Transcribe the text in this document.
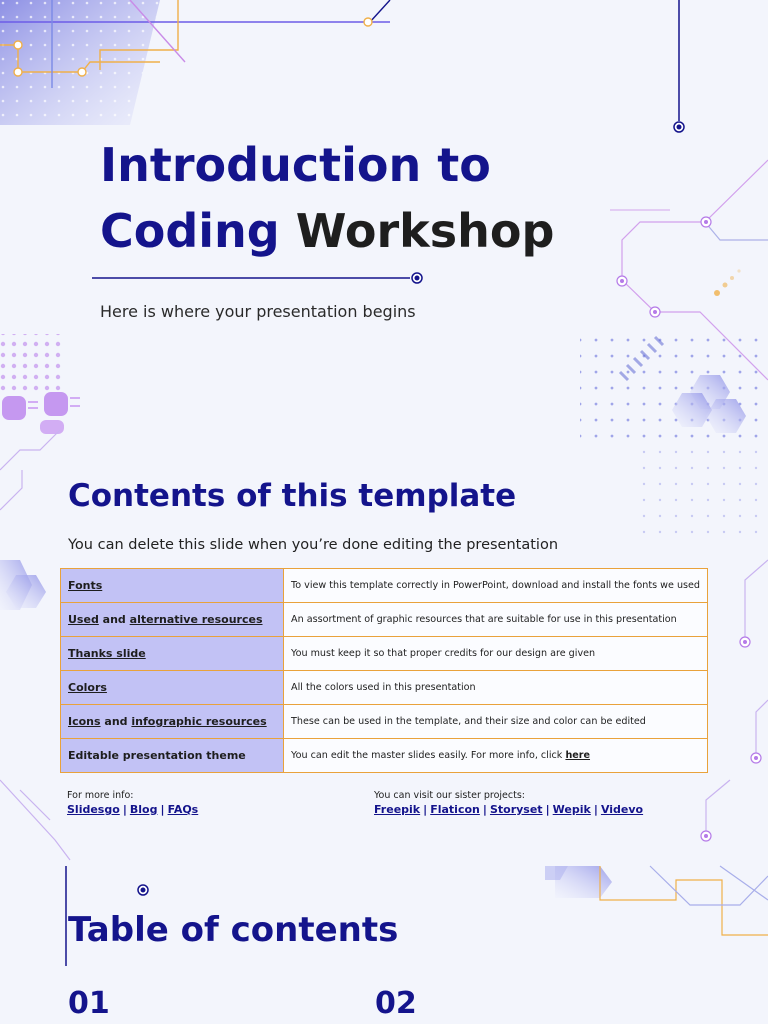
Introduction to
Coding Workshop
Here is where your presentation begins
Contents of this template
You can delete this slide when you’re done editing the presentation
Fonts	To view this template correctly in PowerPoint, download and install the fonts we used
Used and alternative resources	An assortment of graphic resources that are suitable for use in this presentation
Thanks slide	You must keep it so that proper credits for our design are given
Colors	All the colors used in this presentation
Icons and infographic resources	These can be used in the template, and their size and color can be edited
Editable presentation theme	You can edit the master slides easily. For more info, click here
For more info:
Slidesgo | Blog | FAQs
You can visit our sister projects:
Freepik | Flaticon | Storyset | Wepik | Videvo
Table of contents
01	02
